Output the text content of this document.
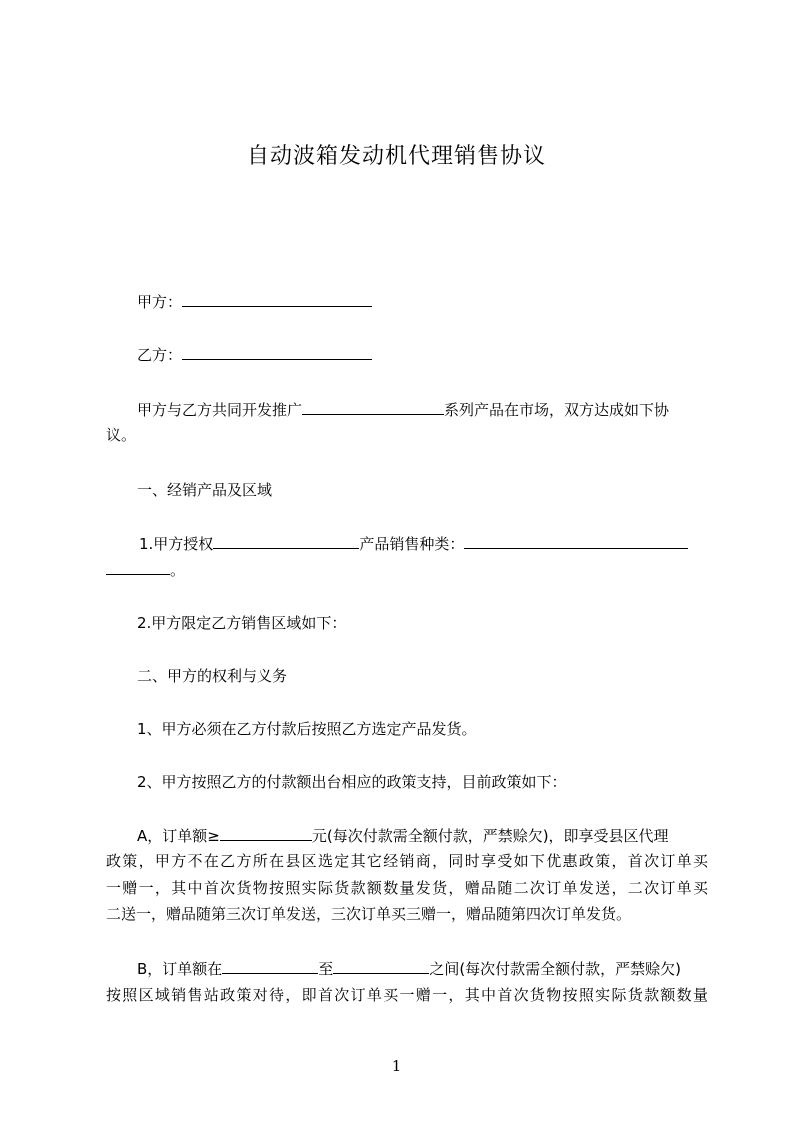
自动波箱发动机代理销售协议
甲方：
乙方：
甲方与乙方共同开发推广	系列产品在市场，双方达成如下协
议。
一、经销产品及区域
1.甲方授权	产品销售种类：
。
2.甲方限定乙方销售区域如下：
二、甲方的权利与义务
1、甲方必须在乙方付款后按照乙方选定产品发货。
2、甲方按照乙方的付款额出台相应的政策支持，目前政策如下：
A，订单额≥	元(每次付款需全额付款，严禁赊欠)，即享受县区代理
政策，甲方不在乙方所在县区选定其它经销商，同时享受如下优惠政策，首次订单买
一赠一，其中首次货物按照实际货款额数量发货，赠品随二次订单发送，二次订单买
二送一，赠品随第三次订单发送，三次订单买三赠一，赠品随第四次订单发货。
B，订单额在	至	之间(每次付款需全额付款，严禁赊欠)
按照区域销售站政策对待，即首次订单买一赠一，其中首次货物按照实际货款额数量
1
